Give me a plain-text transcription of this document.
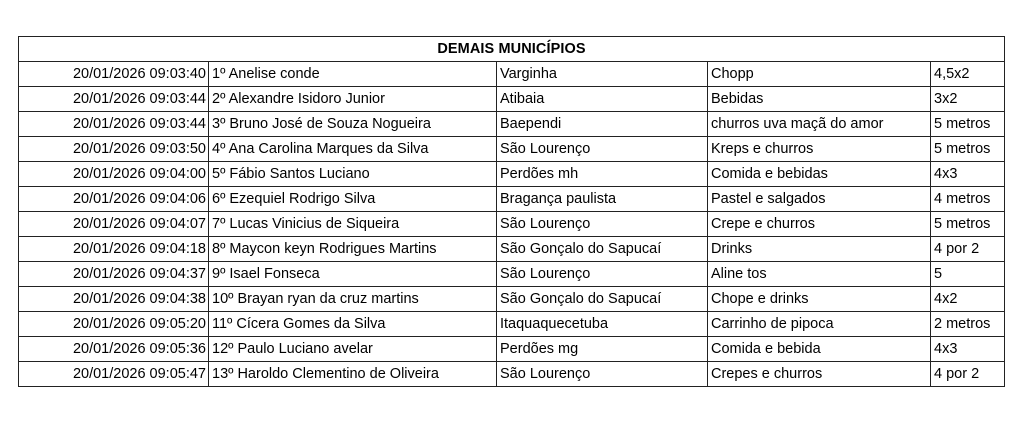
DEMAIS MUNICÍPIOS				
20/01/2026 09:03:40	1º Anelise conde	Varginha	Chopp	4,5x2
20/01/2026 09:03:44	2º Alexandre Isidoro Junior	Atibaia	Bebidas	3x2
20/01/2026 09:03:44	3º Bruno José de Souza Nogueira	Baependi	churros uva maçã do amor	5 metros
20/01/2026 09:03:50	4º Ana Carolina Marques da Silva	São Lourenço	Kreps e churros	5 metros
20/01/2026 09:04:00	5º Fábio Santos Luciano	Perdões mh	Comida e bebidas	4x3
20/01/2026 09:04:06	6º Ezequiel Rodrigo Silva	Bragança paulista	Pastel e salgados	4 metros
20/01/2026 09:04:07	7º Lucas Vinicius de Siqueira	São Lourenço	Crepe e churros	5 metros
20/01/2026 09:04:18	8º Maycon keyn Rodrigues Martins	São Gonçalo do Sapucaí	Drinks	4 por 2
20/01/2026 09:04:37	9º Isael Fonseca	São Lourenço	Aline tos	5
20/01/2026 09:04:38	10º Brayan ryan da cruz martins	São Gonçalo do Sapucaí	Chope e drinks	4x2
20/01/2026 09:05:20	11º Cícera Gomes da Silva	Itaquaquecetuba	Carrinho de pipoca	2 metros
20/01/2026 09:05:36	12º Paulo Luciano avelar	Perdões mg	Comida e bebida	4x3
20/01/2026 09:05:47	13º Haroldo Clementino de Oliveira	São Lourenço	Crepes e churros	4 por 2
